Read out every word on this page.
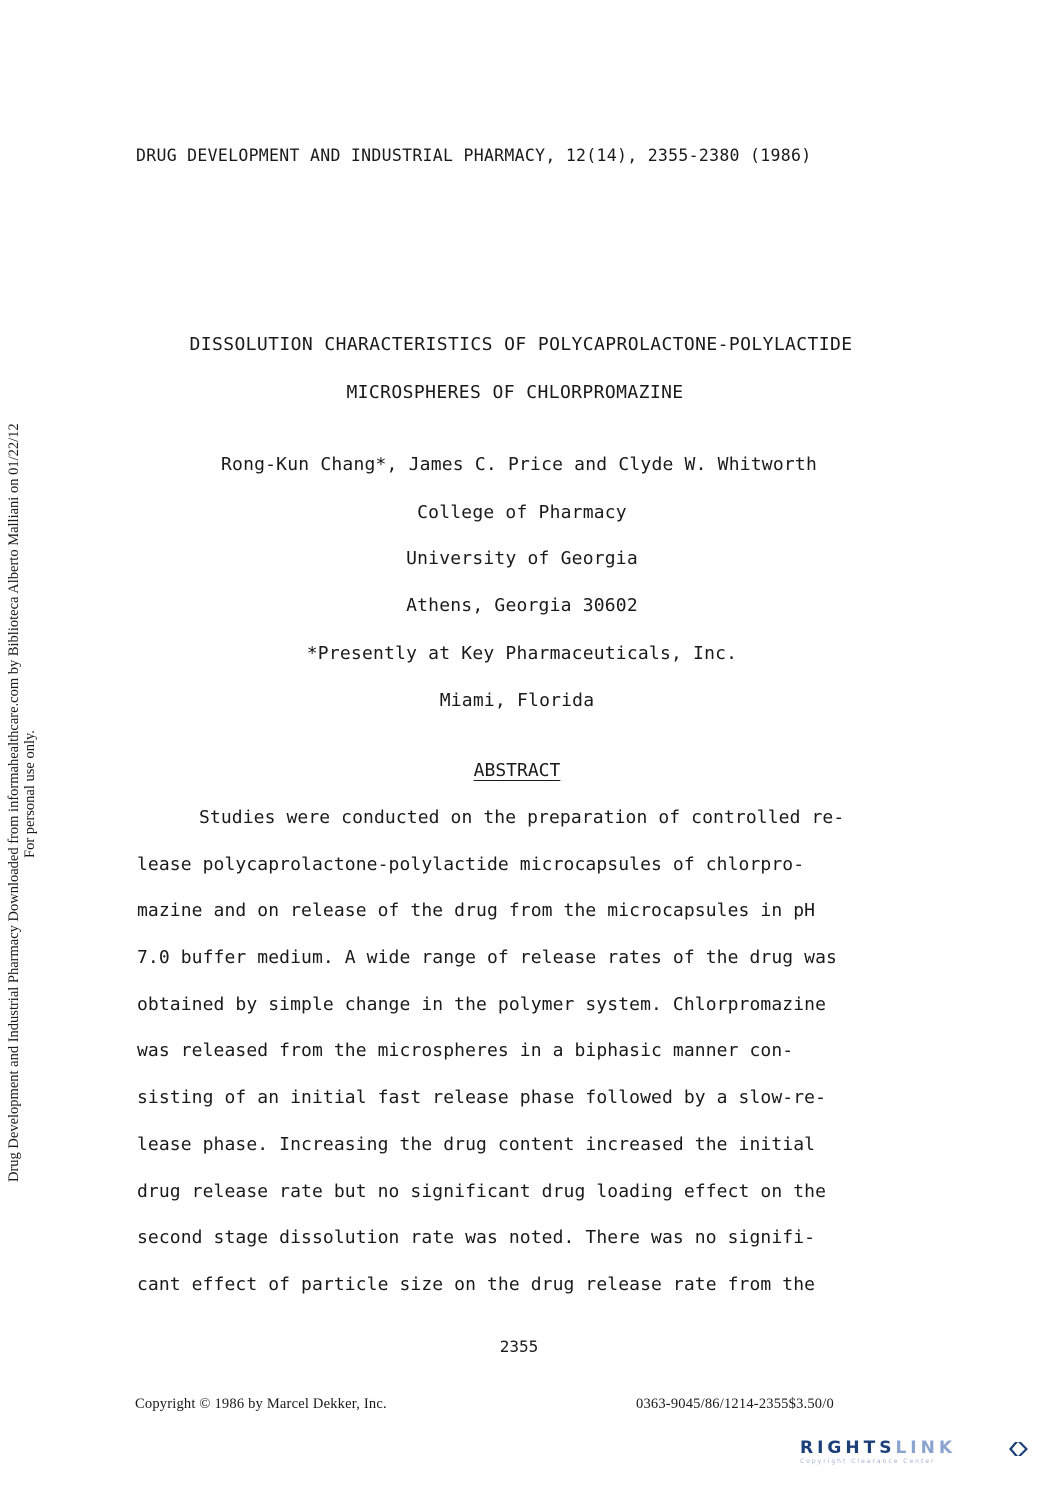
DRUG DEVELOPMENT AND INDUSTRIAL PHARMACY, 12(14), 2355-2380 (1986)
Drug Development and Industrial Pharmacy Downloaded from informahealthcare.com by Biblioteca Alberto Malliani on 01/22/12 For personal use only.
DISSOLUTION CHARACTERISTICS OF POLYCAPROLACTONE-POLYLACTIDE
MICROSPHERES OF CHLORPROMAZINE
Rong-Kun Chang*, James C. Price and Clyde W. Whitworth
College of Pharmacy
University of Georgia
Athens, Georgia 30602
*Presently at Key Pharmaceuticals, Inc.
Miami, Florida
ABSTRACT
Studies were conducted on the preparation of controlled re-
lease polycaprolactone-polylactide microcapsules of chlorpro-
mazine and on release of the drug from the microcapsules in pH
7.0 buffer medium. A wide range of release rates of the drug was
obtained by simple change in the polymer system. Chlorpromazine
was released from the microspheres in a biphasic manner con-
sisting of an initial fast release phase followed by a slow-re-
lease phase. Increasing the drug content increased the initial
drug release rate but no significant drug loading effect on the
second stage dissolution rate was noted. There was no signifi-
cant effect of particle size on the drug release rate from the
2355
Copyright © 1986 by Marcel Dekker, Inc.	0363-9045/86/1214-2355$3.50/0
RIGHTSLINK
Copyright Clearance Center
